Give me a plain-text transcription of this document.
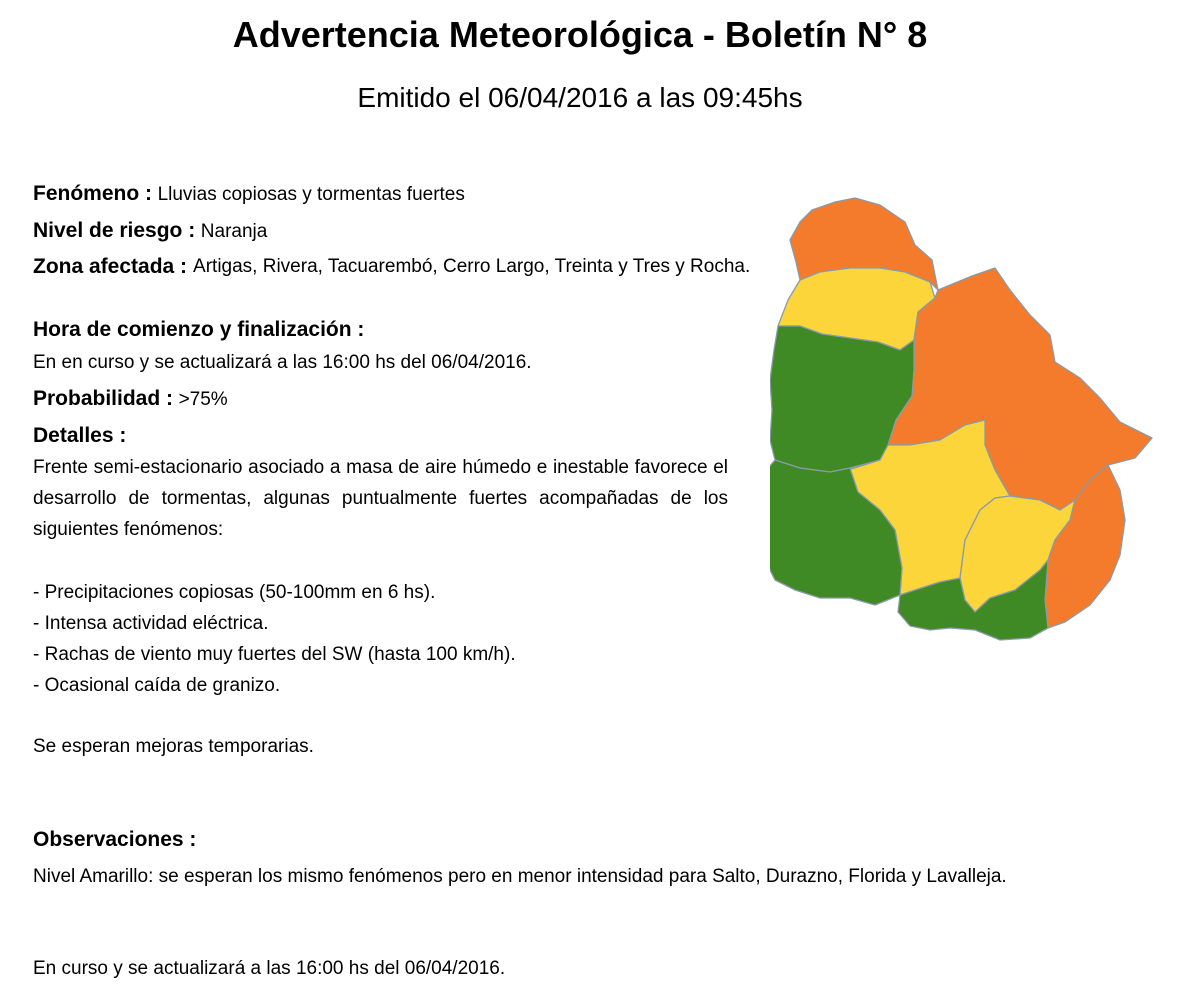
Advertencia Meteorológica - Boletín N° 8

Emitido el 06/04/2016 a las 09:45hs

Fenómeno : Lluvias copiosas y tormentas fuertes
Nivel de riesgo : Naranja
Zona afectada : Artigas, Rivera, Tacuarembó, Cerro Largo, Treinta y Tres y Rocha.
Hora de comienzo y finalización :
En en curso y se actualizará a las 16:00 hs del 06/04/2016.
Probabilidad : >75%
Detalles :
Frente semi-estacionario asociado a masa de aire húmedo e inestable favorece el desarrollo de tormentas, algunas puntualmente fuertes acompañadas de los siguientes fenómenos:
- Precipitaciones copiosas (50-100mm en 6 hs).
- Intensa actividad eléctrica.
- Rachas de viento muy fuertes del SW (hasta 100 km/h).
- Ocasional caída de granizo.
Se esperan mejoras temporarias.
Observaciones :
Nivel Amarillo: se esperan los mismo fenómenos pero en menor intensidad para Salto, Durazno, Florida y Lavalleja.
En curso y se actualizará a las 16:00 hs del 06/04/2016.
